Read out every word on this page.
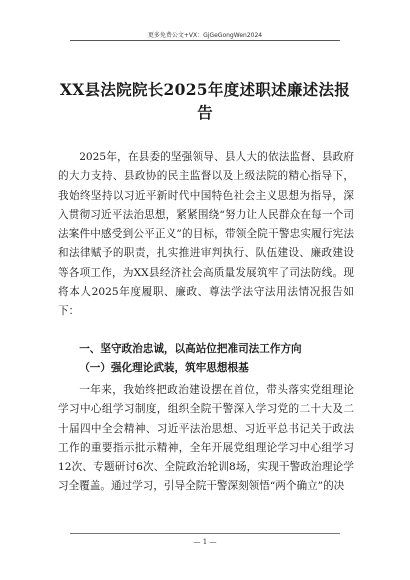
更多免费公文+VX：GjGeGongWen2024
XX县法院院长2025年度述职述廉述法报告

2025年，在县委的坚强领导、县人大的依法监督、县政府的大力支持、县政协的民主监督以及上级法院的精心指导下，我始终坚持以习近平新时代中国特色社会主义思想为指导，深入贯彻习近平法治思想，紧紧围绕“努力让人民群众在每一个司法案件中感受到公平正义”的目标，带领全院干警忠实履行宪法和法律赋予的职责，扎实推进审判执行、队伍建设、廉政建设等各项工作，为XX县经济社会高质量发展筑牢了司法防线。现将本人2025年度履职、廉政、尊法学法守法用法情况报告如下：

一、坚守政治忠诚，以高站位把准司法工作方向

（一）强化理论武装，筑牢思想根基

一年来，我始终把政治建设摆在首位，带头落实党组理论学习中心组学习制度，组织全院干警深入学习党的二十大及二十届四中全会精神、习近平法治思想、习近平总书记关于政法工作的重要指示批示精神，全年开展党组理论学习中心组学习12次、专题研讨6次、全院政治轮训8场，实现干警政治理论学习全覆盖。通过学习，引导全院干警深刻领悟“两个确立”的决

— 1 —
